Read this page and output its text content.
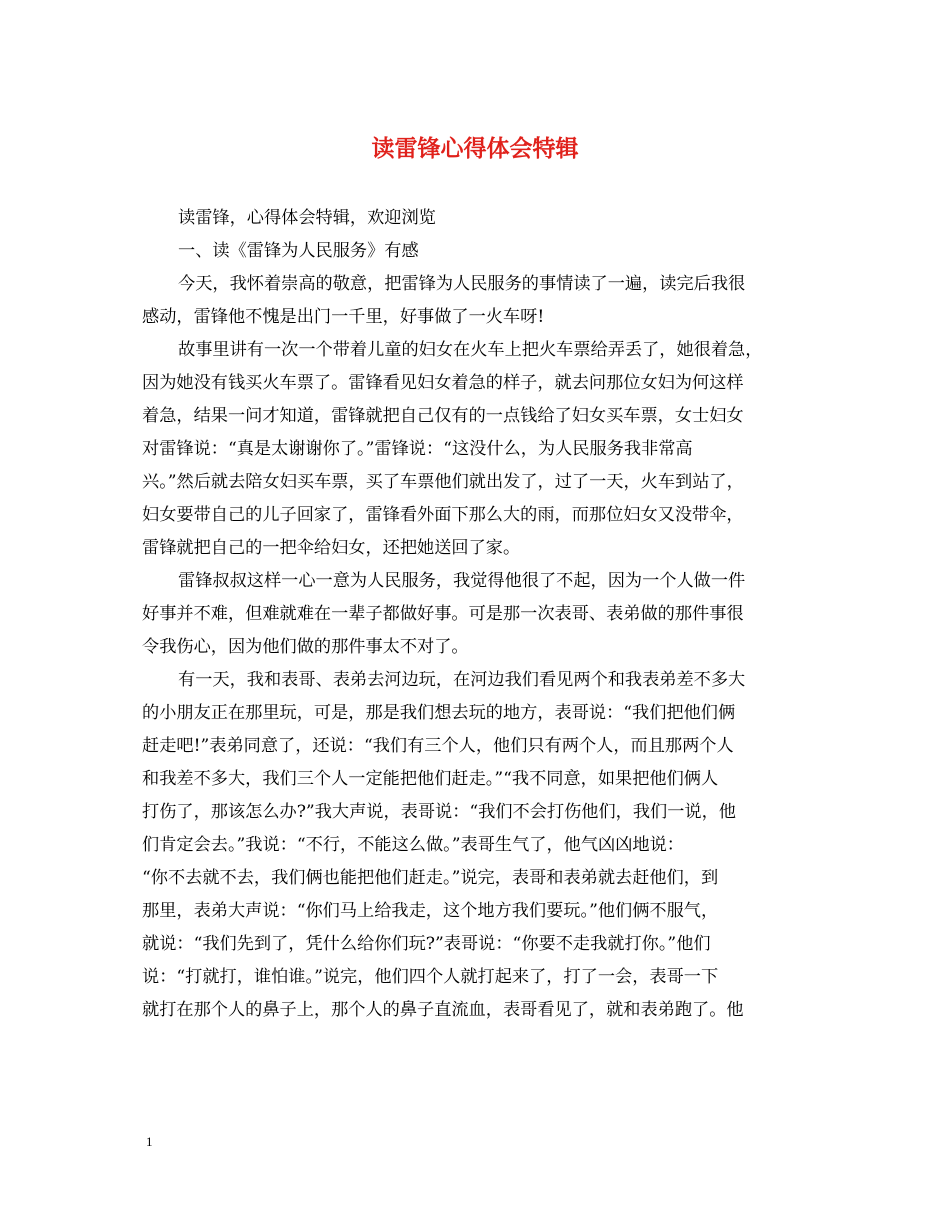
读雷锋心得体会特辑
读雷锋，心得体会特辑，欢迎浏览
一、读《雷锋为人民服务》有感
今天，我怀着崇高的敬意，把雷锋为人民服务的事情读了一遍，读完后我很
感动，雷锋他不愧是出门一千里，好事做了一火车呀!
故事里讲有一次一个带着儿童的妇女在火车上把火车票给弄丢了，她很着急，
因为她没有钱买火车票了。雷锋看见妇女着急的样子，就去问那位女妇为何这样
着急，结果一问才知道，雷锋就把自己仅有的一点钱给了妇女买车票，女士妇女
对雷锋说：“真是太谢谢你了。”雷锋说：“这没什么，为人民服务我非常高
兴。”然后就去陪女妇买车票，买了车票他们就出发了，过了一天，火车到站了，
妇女要带自己的儿子回家了，雷锋看外面下那么大的雨，而那位妇女又没带伞，
雷锋就把自己的一把伞给妇女，还把她送回了家。
雷锋叔叔这样一心一意为人民服务，我觉得他很了不起，因为一个人做一件
好事并不难，但难就难在一辈子都做好事。可是那一次表哥、表弟做的那件事很
令我伤心，因为他们做的那件事太不对了。
有一天，我和表哥、表弟去河边玩，在河边我们看见两个和我表弟差不多大
的小朋友正在那里玩，可是，那是我们想去玩的地方，表哥说：“我们把他们俩
赶走吧!”表弟同意了，还说：“我们有三个人，他们只有两个人，而且那两个人
和我差不多大，我们三个人一定能把他们赶走。”“我不同意，如果把他们俩人
打伤了，那该怎么办?”我大声说，表哥说：“我们不会打伤他们，我们一说，他
们肯定会去。”我说：“不行，不能这么做。”表哥生气了，他气凶凶地说：
“你不去就不去，我们俩也能把他们赶走。”说完，表哥和表弟就去赶他们，到
那里，表弟大声说：“你们马上给我走，这个地方我们要玩。”他们俩不服气，
就说：“我们先到了，凭什么给你们玩?”表哥说：“你要不走我就打你。”他们
说：“打就打，谁怕谁。”说完，他们四个人就打起来了，打了一会，表哥一下
就打在那个人的鼻子上，那个人的鼻子直流血，表哥看见了，就和表弟跑了。他
1
